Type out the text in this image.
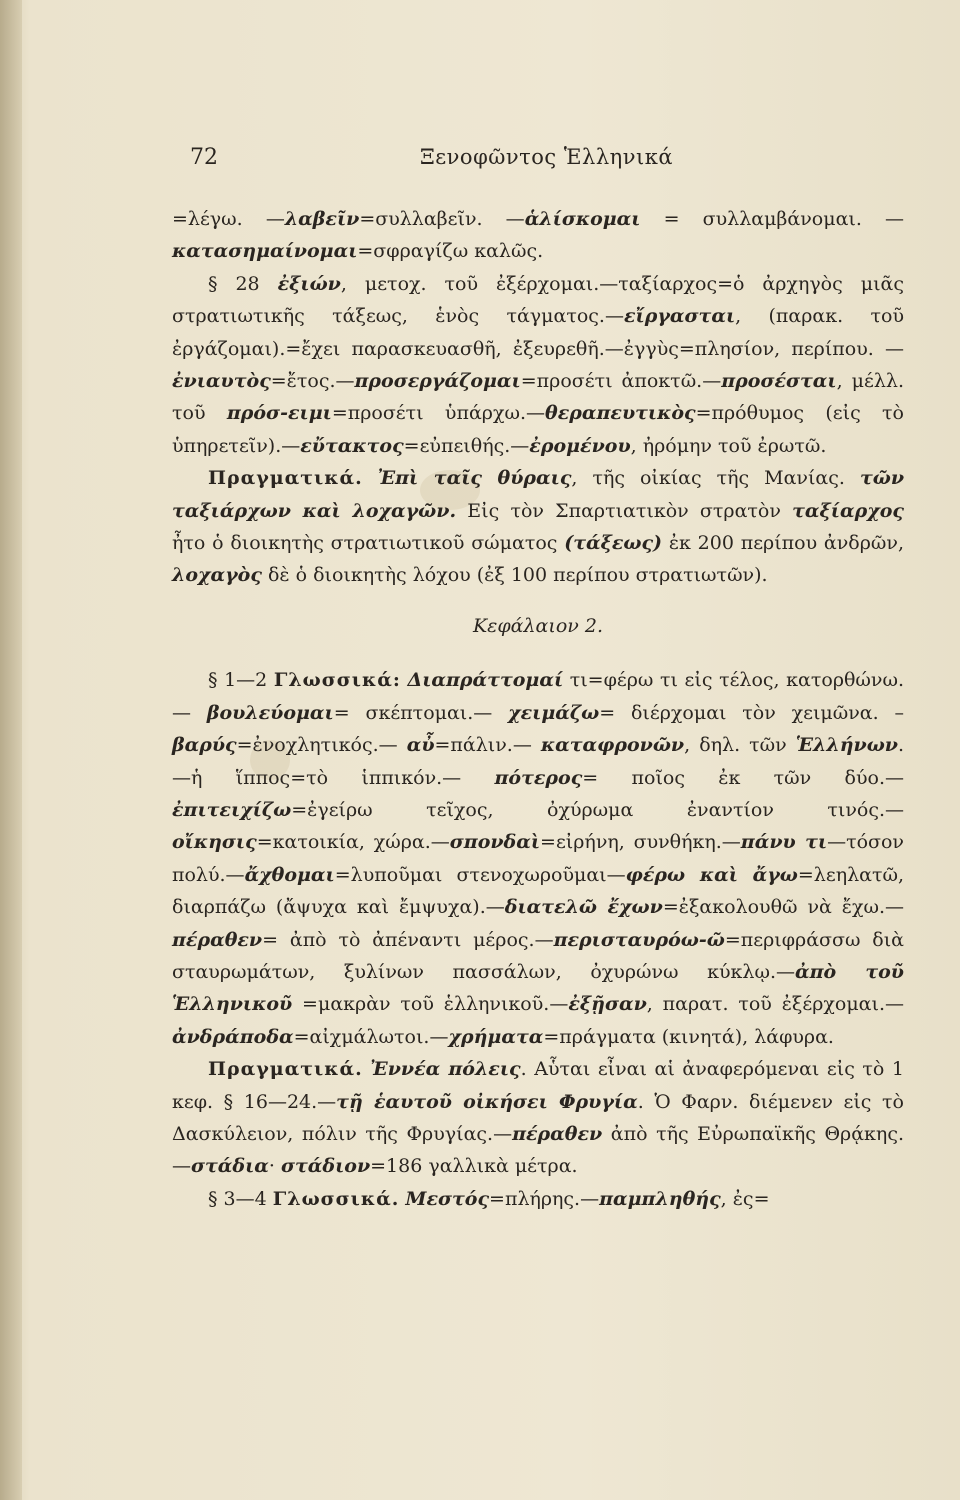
72	Ξενοφῶντος Ἑλληνικά

=λέγω. —λαβεῖν=συλλαβεῖν. —ἁλίσκομαι = συλλαμβάνομαι. — κατασημαίνομαι=σφραγίζω καλῶς.

§ 28 ἐξιών, μετοχ. τοῦ ἐξέρχομαι.—ταξίαρχος=ὁ ἀρχηγὸς μιᾶς στρατιωτικῆς τάξεως, ἑνὸς τάγματος.—εἴργασται, (παρακ. τοῦ ἐργάζομαι).=ἔχει παρασκευασθῆ, ἐξευρεθῆ.—ἐγγὺς=πλησίον, περίπου. —ἐνιαυτὸς=ἔτος.—προσεργάζομαι=προσέτι ἀποκτῶ.—προσέσται, μέλλ. τοῦ πρόσ-ειμι=προσέτι ὑπάρχω.—θεραπευτικὸς=πρόθυμος (εἰς τὸ ὑπηρετεῖν).—εὔτακτος=εὐπειθής.—ἐρομένου, ἠρόμην τοῦ ἐρωτῶ.

Πραγματικά. Ἐπὶ ταῖς θύραις, τῆς οἰκίας τῆς Μανίας. τῶν ταξιάρχων καὶ λοχαγῶν. Εἰς τὸν Σπαρτιατικὸν στρατὸν ταξίαρχος ἦτο ὁ διοικητὴς στρατιωτικοῦ σώματος (τάξεως) ἐκ 200 περίπου ἀνδρῶν, λοχαγὸς δὲ ὁ διοικητὴς λόχου (ἐξ 100 περίπου στρατιωτῶν).

Κεφάλαιον 2.

§ 1—2 Γλωσσικά: Διαπράττομαί τι=φέρω τι εἰς τέλος, κατορθώνω.— βουλεύομαι= σκέπτομαι.— χειμάζω= διέρχομαι τὸν χειμῶνα. – βαρύς=ἐνοχλητικός.— αὖ=πάλιν.— καταφρονῶν, δηλ. τῶν Ἑλλήνων.—ἡ ἵππος=τὸ ἱππικόν.— πότερος= ποῖος ἐκ τῶν δύο.—ἐπιτειχίζω=ἐγείρω τεῖχος, ὀχύρωμα ἐναντίον τινός.—οἴκησις=κατοικία, χώρα.—σπονδαὶ=εἰρήνη, συνθήκη.—πάνυ τι—τόσον πολύ.—ἄχθομαι=λυποῦμαι στενοχωροῦμαι—φέρω καὶ ἄγω=λεηλατῶ, διαρπάζω (ἄψυχα καὶ ἔμψυχα).—διατελῶ ἔχων=ἐξακολουθῶ νὰ ἔχω.—πέραθεν= ἀπὸ τὸ ἀπέναντι μέρος.—περισταυρόω-ῶ=περιφράσσω διὰ σταυρωμάτων, ξυλίνων πασσάλων, ὀχυρώνω κύκλῳ.—ἀπὸ τοῦ Ἑλληνικοῦ =μακρὰν τοῦ ἑλληνικοῦ.—ἐξῇσαν, παρατ. τοῦ ἐξέρχομαι.—ἀνδράποδα=αἰχμάλωτοι.—χρήματα=πράγματα (κινητά), λάφυρα.

Πραγματικά. Ἐννέα πόλεις. Αὗται εἶναι αἱ ἀναφερόμεναι εἰς τὸ 1 κεφ. § 16—24.—τῇ ἑαυτοῦ οἰκήσει Φρυγία. Ὁ Φαρν. διέμενεν εἰς τὸ Δασκύλειον, πόλιν τῆς Φρυγίας.—πέραθεν ἀπὸ τῆς Εὐρωπαϊκῆς Θρᾴκης.—στάδια· στάδιον=186 γαλλικὰ μέτρα.

§ 3—4 Γλωσσικά. Μεστός=πλήρης.—παμπληθής, ἐς=
